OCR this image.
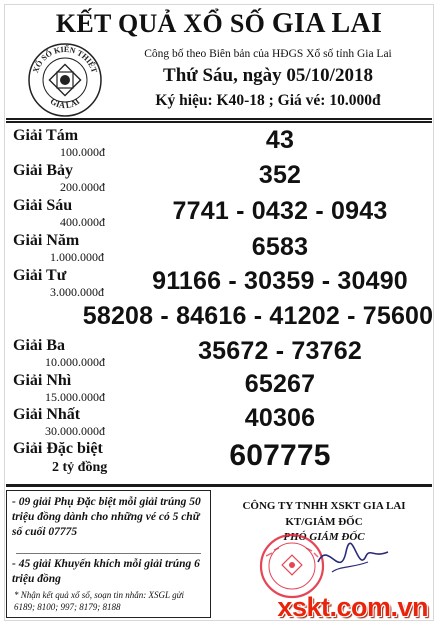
KẾT QUẢ XỔ SỐ GIA LAI
XỔ SỐ KIẾN THIẾT
GIA LAI
Công bố theo Biên bản của HĐGS Xổ số tỉnh Gia Lai
Thứ Sáu, ngày 05/10/2018
Ký hiệu: K40-18 ; Giá vé: 10.000đ
Giải Tám
100.000đ	43
Giải Bảy
200.000đ	352
Giải Sáu
400.000đ	7741 - 0432 - 0943
Giải Năm
1.000.000đ	6583
Giải Tư
3.000.000đ	91166 - 30359 - 30490
58208 - 84616 - 41202 - 75600
Giải Ba
10.000.000đ	35672 - 73762
Giải Nhì
15.000.000đ	65267
Giải Nhất
30.000.000đ	40306
Giải Đặc biệt
2 tỷ đồng	607775
- 09 giải Phụ Đặc biệt mỗi giải trúng 50 triệu đồng dành cho những vé có 5 chữ số cuối 07775
- 45 giải Khuyến khích mỗi giải trúng 6 triệu đồng
* Nhận kết quả xổ số, soạn tin nhắn: XSGL gửi 6189; 8100; 997; 8179; 8188
CÔNG TY TNHH XSKT GIA LAI
KT/GIÁM ĐỐC
PHÓ GIÁM ĐỐC
xskt.com.vn
